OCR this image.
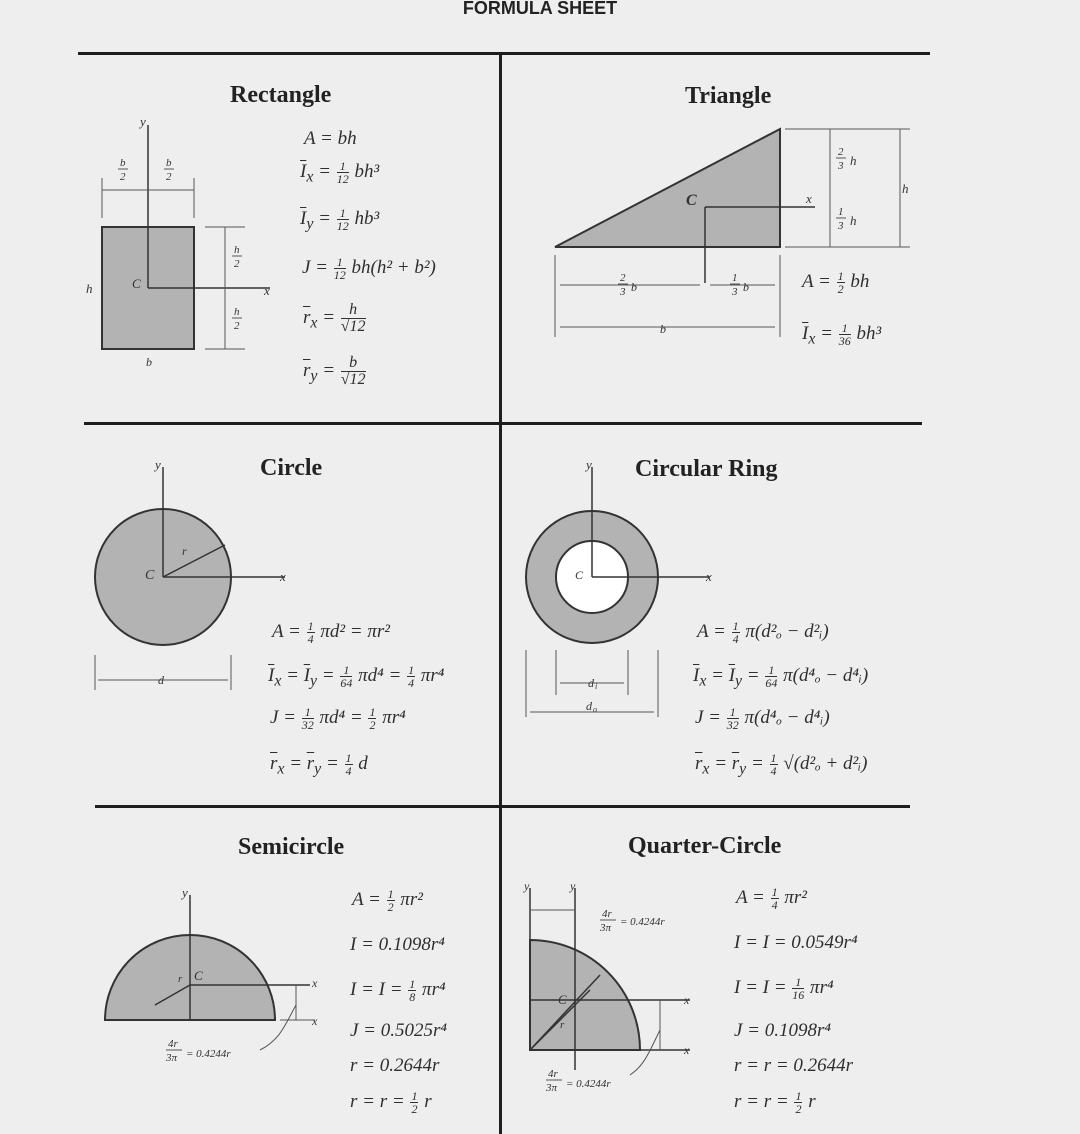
FORMULA SHEET
Rectangle
y
x
C
h
b
b
2
b
2
h
2
h
2
A = bh
$\overline{I}_x = \frac{1}{12} bh^3$
$\overline{I}_y = \frac{1}{12} hb^3$
$J = \frac{1}{12} bh(h^2 + b^2)$
$\overline{r}_x = \frac{h}{√12}$
$\overline{r}_y = \frac{b}{√12}$
Triangle
C	x
2
3 h
1
3 h
h
2
3 b
1
3 b
b
$A = \frac{1}{2}$ bh
$\overline{I}_x = \frac{1}{36} bh^3$
Circle
y
x
C
r
d
$A = \frac{1}{4} \pi d^2 = \pi r^2$
$\overline{I}_x = \overline{I}_y = \frac{1}{64} \pi d^4 = \frac{1}{4} \pi r^4$
$J = \frac{1}{32} \pi d^4 = \frac{1}{2} \pi r^4$
$\overline{r}_x = \overline{r}_y = \frac{1}{4}$ d
Circular Ring
y
x
C
d i
d o
$A = \frac{1}{4} \pi(d^2_o$ − d²ᵢ)
$\overline{I}_x = \overline{I}_y = \frac{1}{64} \pi(d^4_o$ − d⁴ᵢ)
$J = \frac{1}{32} \pi(d^4_o$ − d⁴ᵢ)
$\overline{r}_x = \overline{r}_y = \frac{1}{4} √(d^2_o$ + d²ᵢ)
Semicircle
y
x
x
C
r
4r
3π = 0.4244r
$A = \frac{1}{2} \pi r^2$
I = 0.1098r⁴
$I = I = \frac{1}{8} \pi r^4$
J = 0.5025r⁴
r = 0.2644r
$r = r = \frac{1}{2}$ r
Quarter-Circle
y	y
x
x
C
r
4r
3π = 0.4244r
4r
3π = 0.4244r
$A = \frac{1}{4} \pi r^2$
I = I = 0.0549r⁴
$I = I = \frac{1}{16} \pi r^4$
J = 0.1098r⁴
r = r = 0.2644r
$r = r = \frac{1}{2}$ r
